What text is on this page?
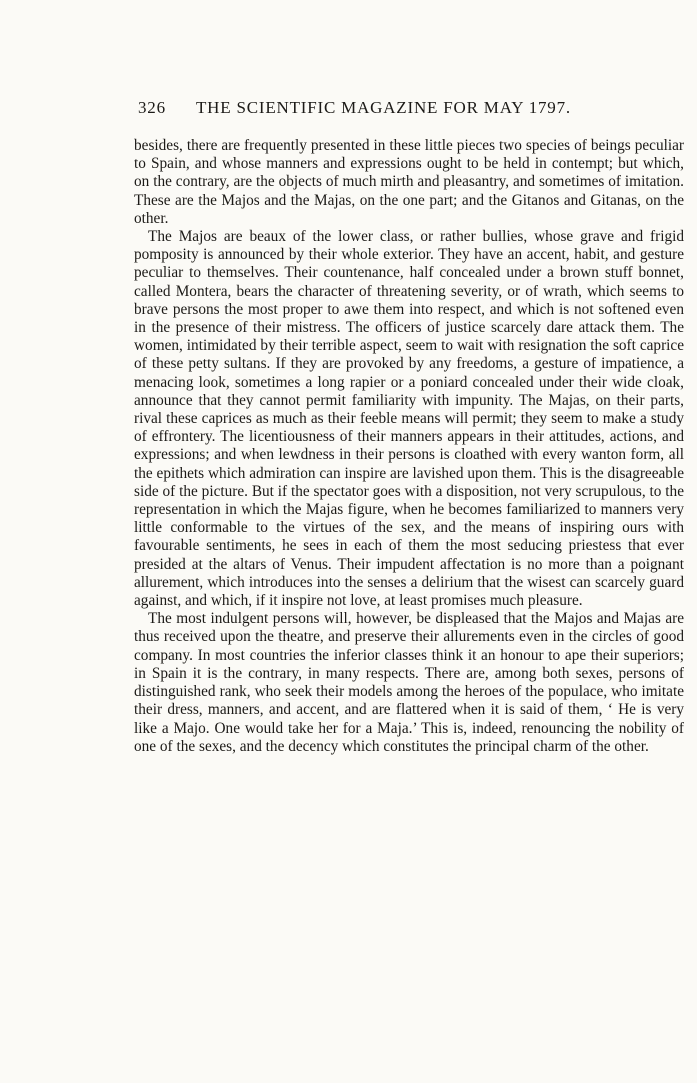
326 THE SCIENTIFIC MAGAZINE FOR MAY 1797.

besides, there are frequently presented in these little pieces two species of beings peculiar to Spain, and whose manners and expressions ought to be held in contempt; but which, on the contrary, are the objects of much mirth and pleasantry, and sometimes of imitation. These are the Majos and the Majas, on the one part; and the Gitanos and Gitanas, on the other.

The Majos are beaux of the lower class, or rather bullies, whose grave and frigid pomposity is announced by their whole exterior. They have an accent, habit, and gesture peculiar to themselves. Their countenance, half concealed under a brown stuff bonnet, called Montera, bears the character of threatening severity, or of wrath, which seems to brave persons the most proper to awe them into respect, and which is not softened even in the presence of their mistress. The officers of justice scarcely dare attack them. The women, intimidated by their terrible aspect, seem to wait with resignation the soft caprice of these petty sultans. If they are provoked by any freedoms, a gesture of impatience, a menacing look, sometimes a long rapier or a poniard concealed under their wide cloak, announce that they cannot permit familiarity with impunity. The Majas, on their parts, rival these caprices as much as their feeble means will permit; they seem to make a study of effrontery. The licentiousness of their manners appears in their attitudes, actions, and expressions; and when lewdness in their persons is cloathed with every wanton form, all the epithets which admiration can inspire are lavished upon them. This is the disagreeable side of the picture. But if the spectator goes with a disposition, not very scrupulous, to the representation in which the Majas figure, when he becomes familiarized to manners very little conformable to the virtues of the sex, and the means of inspiring ours with favourable sentiments, he sees in each of them the most seducing priestess that ever presided at the altars of Venus. Their impudent affectation is no more than a poignant allurement, which introduces into the senses a delirium that the wisest can scarcely guard against, and which, if it inspire not love, at least promises much pleasure.

The most indulgent persons will, however, be displeased that the Majos and Majas are thus received upon the theatre, and preserve their allurements even in the circles of good company. In most countries the inferior classes think it an honour to ape their superiors; in Spain it is the contrary, in many respects. There are, among both sexes, persons of distinguished rank, who seek their models among the heroes of the populace, who imitate their dress, manners, and accent, and are flattered when it is said of them, ‘ He is very like a Majo. One would take her for a Maja.’ This is, indeed, renouncing the nobility of one of the sexes, and the decency which constitutes the principal charm of the other.
